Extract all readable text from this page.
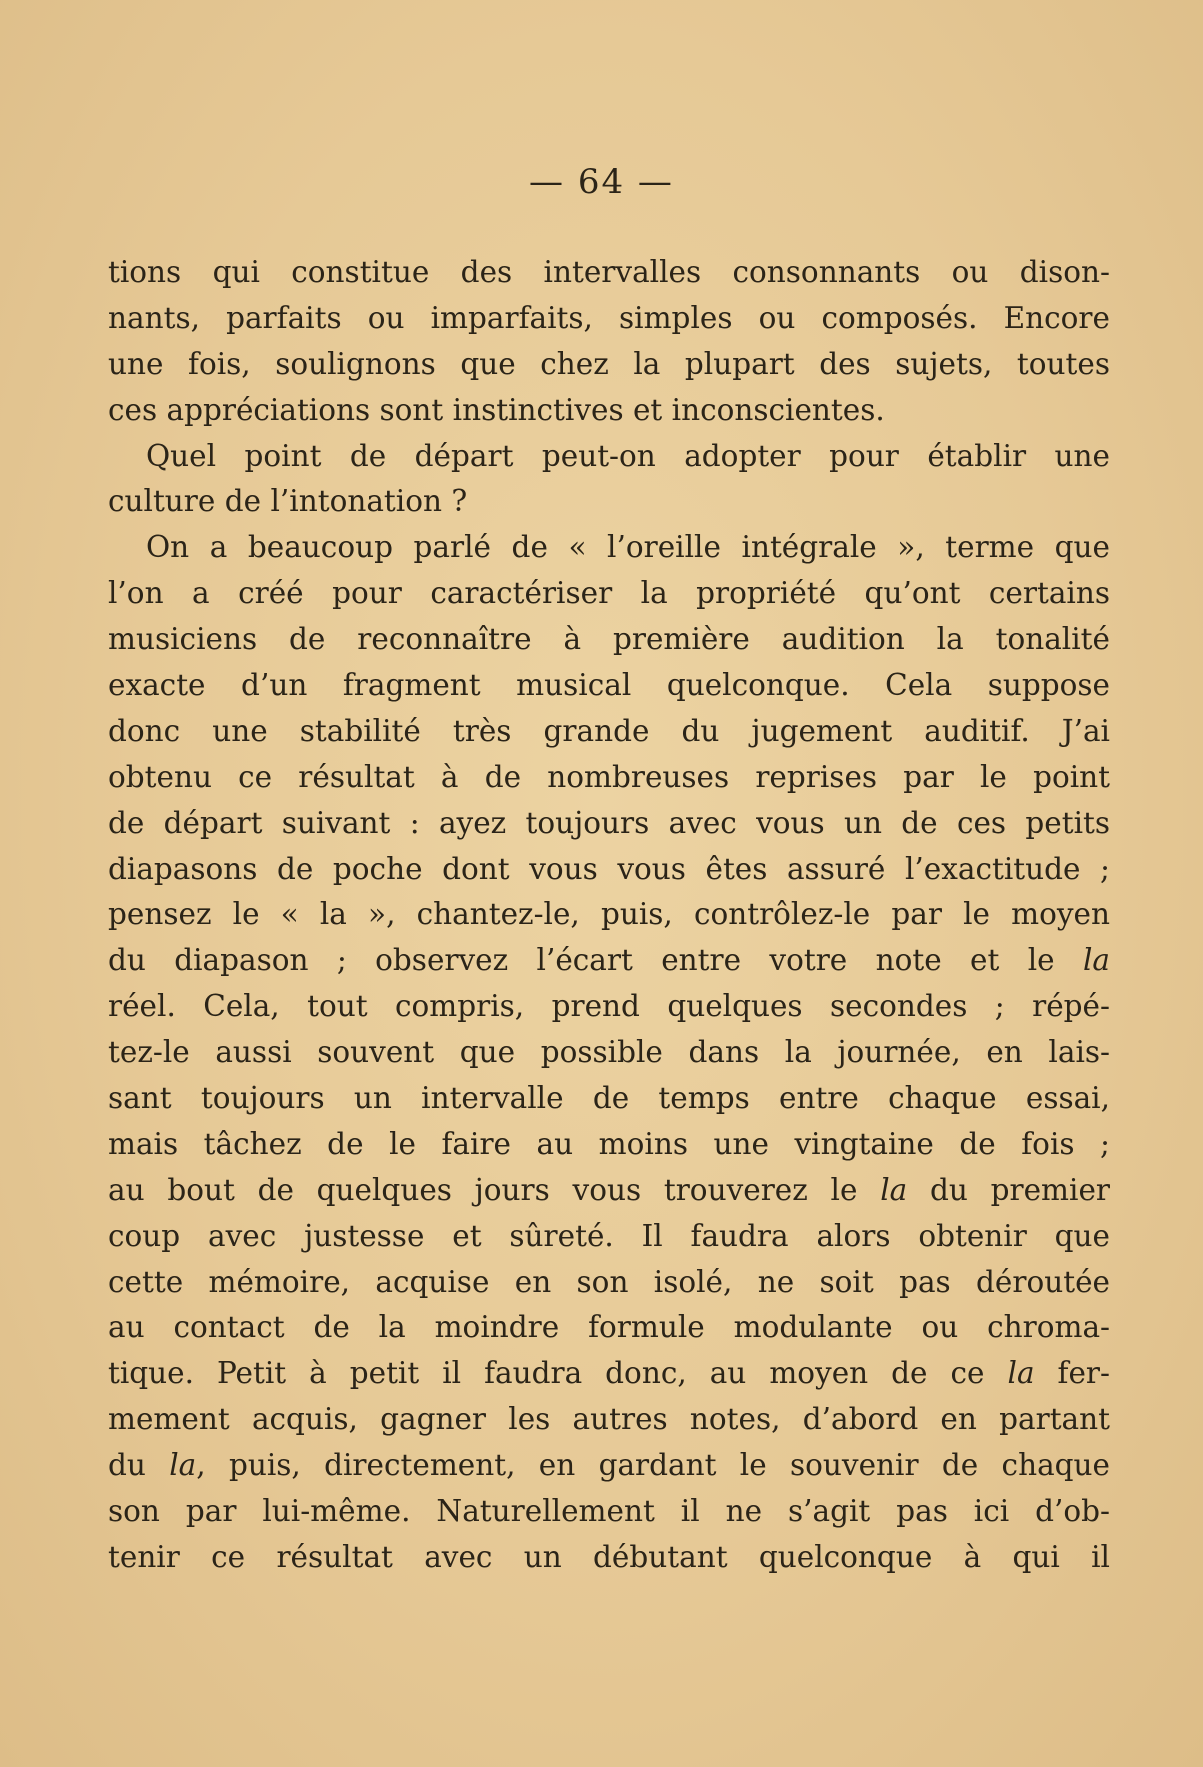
— 64 —
tions qui constitue des intervalles consonnants ou dison-
nants, parfaits ou imparfaits, simples ou composés. Encore
une fois, soulignons que chez la plupart des sujets, toutes
ces appréciations sont instinctives et inconscientes.
Quel point de départ peut-on adopter pour établir une
culture de l’intonation ?
On a beaucoup parlé de « l’oreille intégrale », terme que
l’on a créé pour caractériser la propriété qu’ont certains
musiciens de reconnaître à première audition la tonalité
exacte d’un fragment musical quelconque. Cela suppose
donc une stabilité très grande du jugement auditif. J’ai
obtenu ce résultat à de nombreuses reprises par le point
de départ suivant : ayez toujours avec vous un de ces petits
diapasons de poche dont vous vous êtes assuré l’exactitude ;
pensez le « la », chantez-le, puis, contrôlez-le par le moyen
du diapason ; observez l’écart entre votre note et le la
réel. Cela, tout compris, prend quelques secondes ; répé-
tez-le aussi souvent que possible dans la journée, en lais-
sant toujours un intervalle de temps entre chaque essai,
mais tâchez de le faire au moins une vingtaine de fois ;
au bout de quelques jours vous trouverez le la du premier
coup avec justesse et sûreté. Il faudra alors obtenir que
cette mémoire, acquise en son isolé, ne soit pas déroutée
au contact de la moindre formule modulante ou chroma-
tique. Petit à petit il faudra donc, au moyen de ce la fer-
mement acquis, gagner les autres notes, d’abord en partant
du la, puis, directement, en gardant le souvenir de chaque
son par lui-même. Naturellement il ne s’agit pas ici d’ob-
tenir ce résultat avec un débutant quelconque à qui il
